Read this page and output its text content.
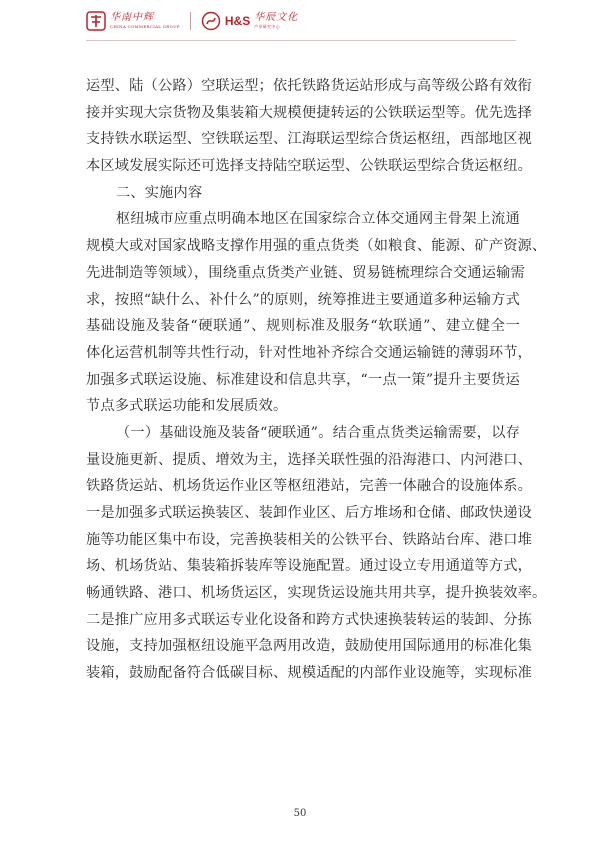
华南中辉
CHINA COMMERCIAL GROUP	H&S 华辰文化
产业研究中心
运型、陆（公路）空联运型；依托铁路货运站形成与高等级公路有效衔
接并实现大宗货物及集装箱大规模便捷转运的公铁联运型等。优先选择
支持铁水联运型、空铁联运型、江海联运型综合货运枢纽，西部地区视
本区域发展实际还可选择支持陆空联运型、公铁联运型综合货运枢纽。
二、实施内容
枢纽城市应重点明确本地区在国家综合立体交通网主骨架上流通
规模大或对国家战略支撑作用强的重点货类（如粮食、能源、矿产资源、
先进制造等领域），围绕重点货类产业链、贸易链梳理综合交通运输需
求，按照“缺什么、补什么”的原则，统筹推进主要通道多种运输方式
基础设施及装备“硬联通”、规则标准及服务“软联通”、建立健全一
体化运营机制等共性行动，针对性地补齐综合交通运输链的薄弱环节，
加强多式联运设施、标准建设和信息共享，“一点一策”提升主要货运
节点多式联运功能和发展质效。
（一）基础设施及装备“硬联通”。结合重点货类运输需要，以存
量设施更新、提质、增效为主，选择关联性强的沿海港口、内河港口、
铁路货运站、机场货运作业区等枢纽港站，完善一体融合的设施体系。
一是加强多式联运换装区、装卸作业区、后方堆场和仓储、邮政快递设
施等功能区集中布设，完善换装相关的公铁平台、铁路站台库、港口堆
场、机场货站、集装箱拆装库等设施配置。通过设立专用通道等方式，
畅通铁路、港口、机场货运区，实现货运设施共用共享，提升换装效率。
二是推广应用多式联运专业化设备和跨方式快速换装转运的装卸、分拣
设施，支持加强枢纽设施平急两用改造，鼓励使用国际通用的标准化集
装箱，鼓励配备符合低碳目标、规模适配的内部作业设施等，实现标准
50
